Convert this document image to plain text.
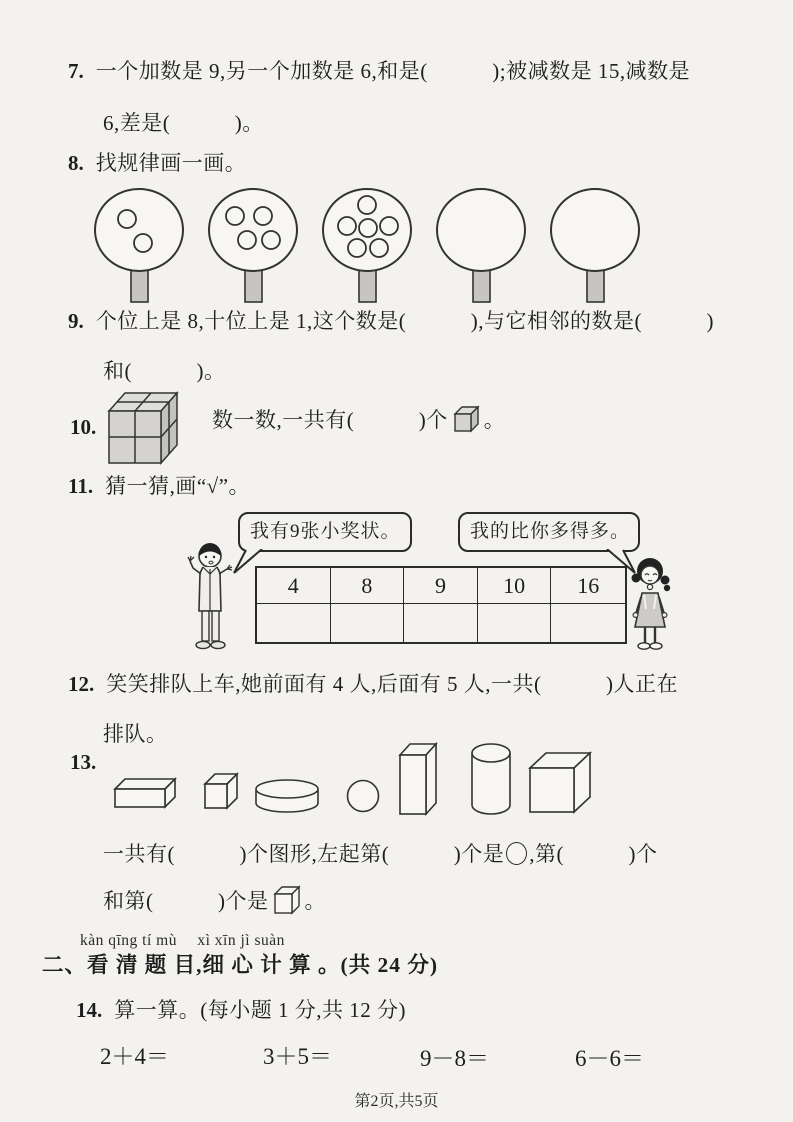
7. 一个加数是 9,另一个加数是 6,和是(　　　);被减数是 15,减数是
6,差是(　　　)。
8. 找规律画一画。
9. 个位上是 8,十位上是 1,这个数是(　　　),与它相邻的数是(　　　)
和(　　　)。
10.	数一数,一共有(　　　)个 。
11. 猜一猜,画“√”。
我有9张小奖状。	我的比你多得多。
4	8	9	10	16
12. 笑笑排队上车,她前面有 4 人,后面有 5 人,一共(　　　)人正在
排队。
13.
一共有(　　　)个图形,左起第(　　　)个是 ,第(　　　)个
和第(　　　)个是 。
kàn qīng tí mù　 xì xīn jì suàn
二、看 清 题 目,细 心 计 算 。(共 24 分)
14. 算一算。(每小题 1 分,共 12 分)
2＋4＝	3＋5＝	9－8＝	6－6＝
第2页,共5页
